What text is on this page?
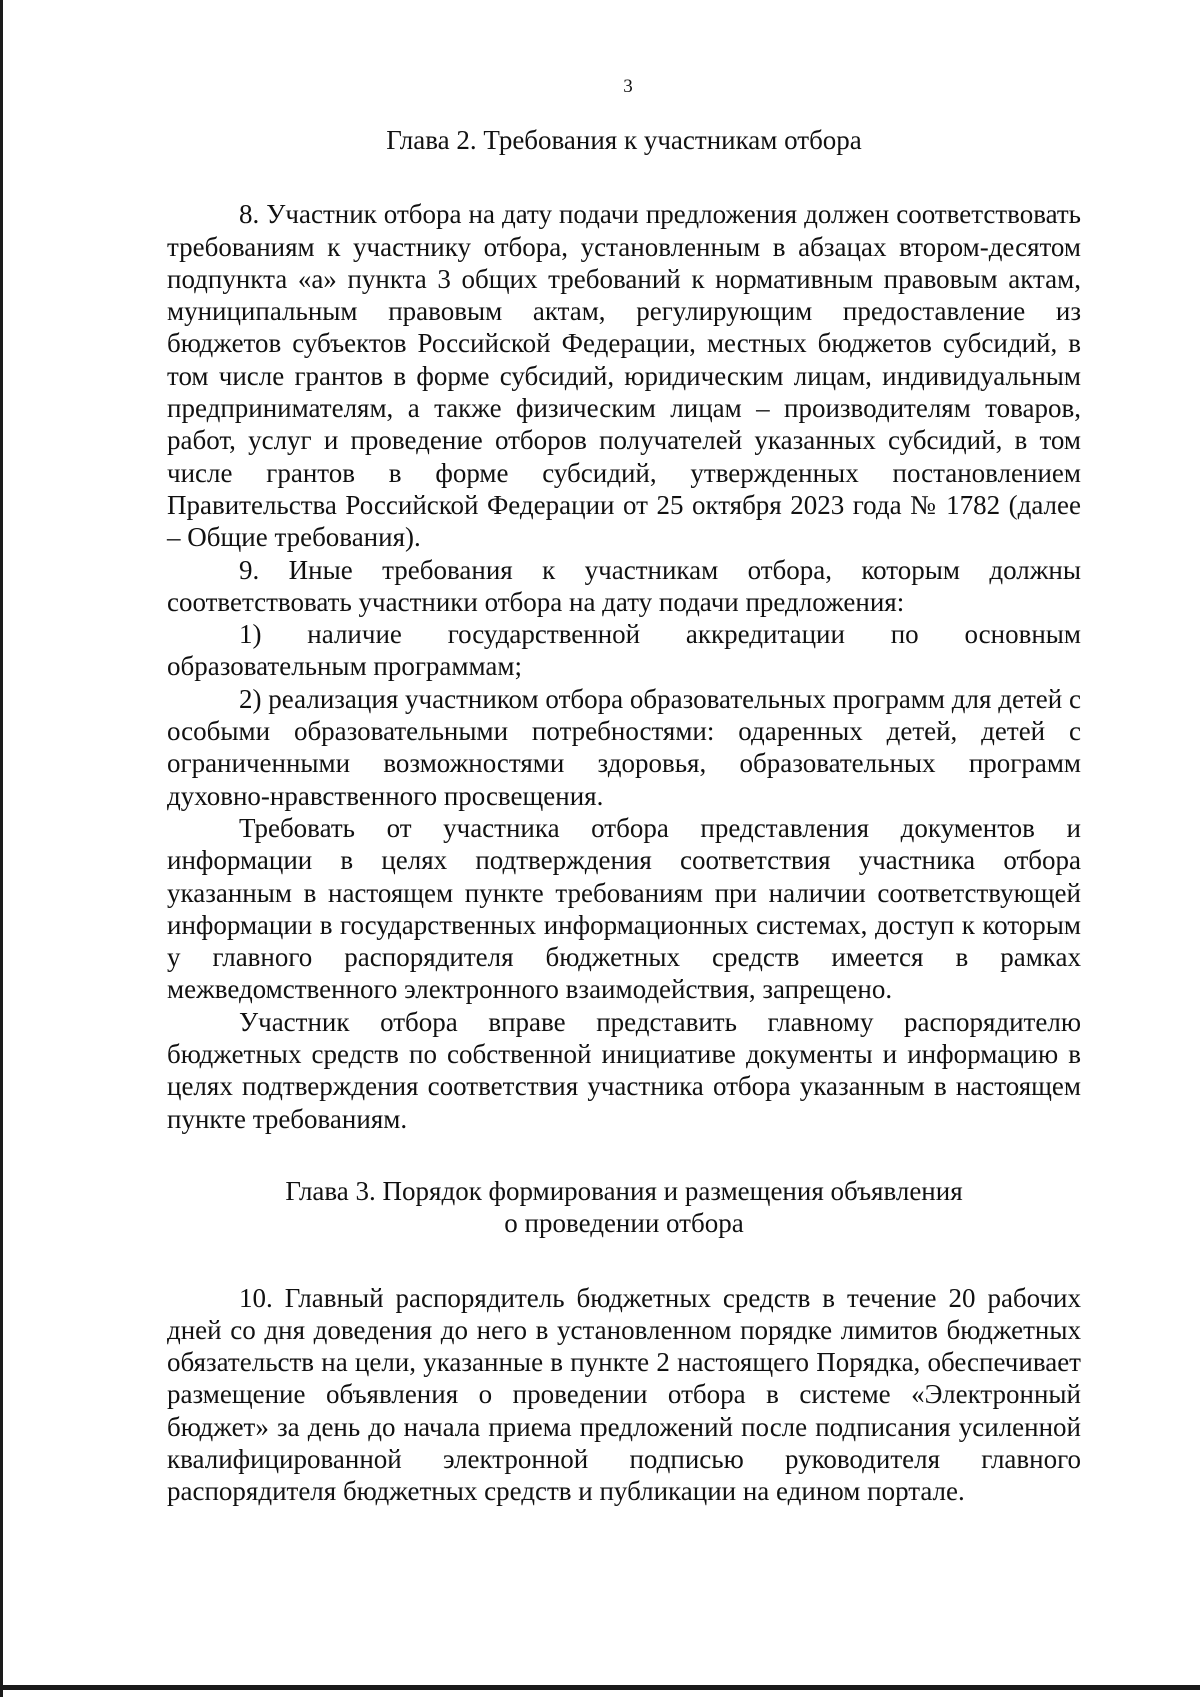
3
Глава 2. Требования к участникам отбора

8. Участник отбора на дату подачи предложения должен соответствовать требованиям к участнику отбора, установленным в абзацах втором-десятом подпункта «а» пункта 3 общих требований к нормативным правовым актам, муниципальным правовым актам, регулирующим предоставление из бюджетов субъектов Российской Федерации, местных бюджетов субсидий, в том числе грантов в форме субсидий, юридическим лицам, индивидуальным предпринимателям, а также физическим лицам – производителям товаров, работ, услуг и проведение отборов получателей указанных субсидий, в том числе грантов в форме субсидий, утвержденных постановлением Правительства Российской Федерации от 25 октября 2023 года № 1782 (далее – Общие требования).

9. Иные требования к участникам отбора, которым должны соответствовать участники отбора на дату подачи предложения:

1) наличие государственной аккредитации по основным образовательным программам;

2) реализация участником отбора образовательных программ для детей с особыми образовательными потребностями: одаренных детей, детей с ограниченными возможностями здоровья, образовательных программ духовно-нравственного просвещения.

Требовать от участника отбора представления документов и информации в целях подтверждения соответствия участника отбора указанным в настоящем пункте требованиям при наличии соответствующей информации в государственных информационных системах, доступ к которым у главного распорядителя бюджетных средств имеется в рамках межведомственного электронного взаимодействия, запрещено.

Участник отбора вправе представить главному распорядителю бюджетных средств по собственной инициативе документы и информацию в целях подтверждения соответствия участника отбора указанным в настоящем пункте требованиям.

Глава 3. Порядок формирования и размещения объявления
о проведении отбора

10. Главный распорядитель бюджетных средств в течение 20 рабочих дней со дня доведения до него в установленном порядке лимитов бюджетных обязательств на цели, указанные в пункте 2 настоящего Порядка, обеспечивает размещение объявления о проведении отбора в системе «Электронный бюджет» за день до начала приема предложений после подписания усиленной квалифицированной электронной подписью руководителя главного распорядителя бюджетных средств и публикации на едином портале.
